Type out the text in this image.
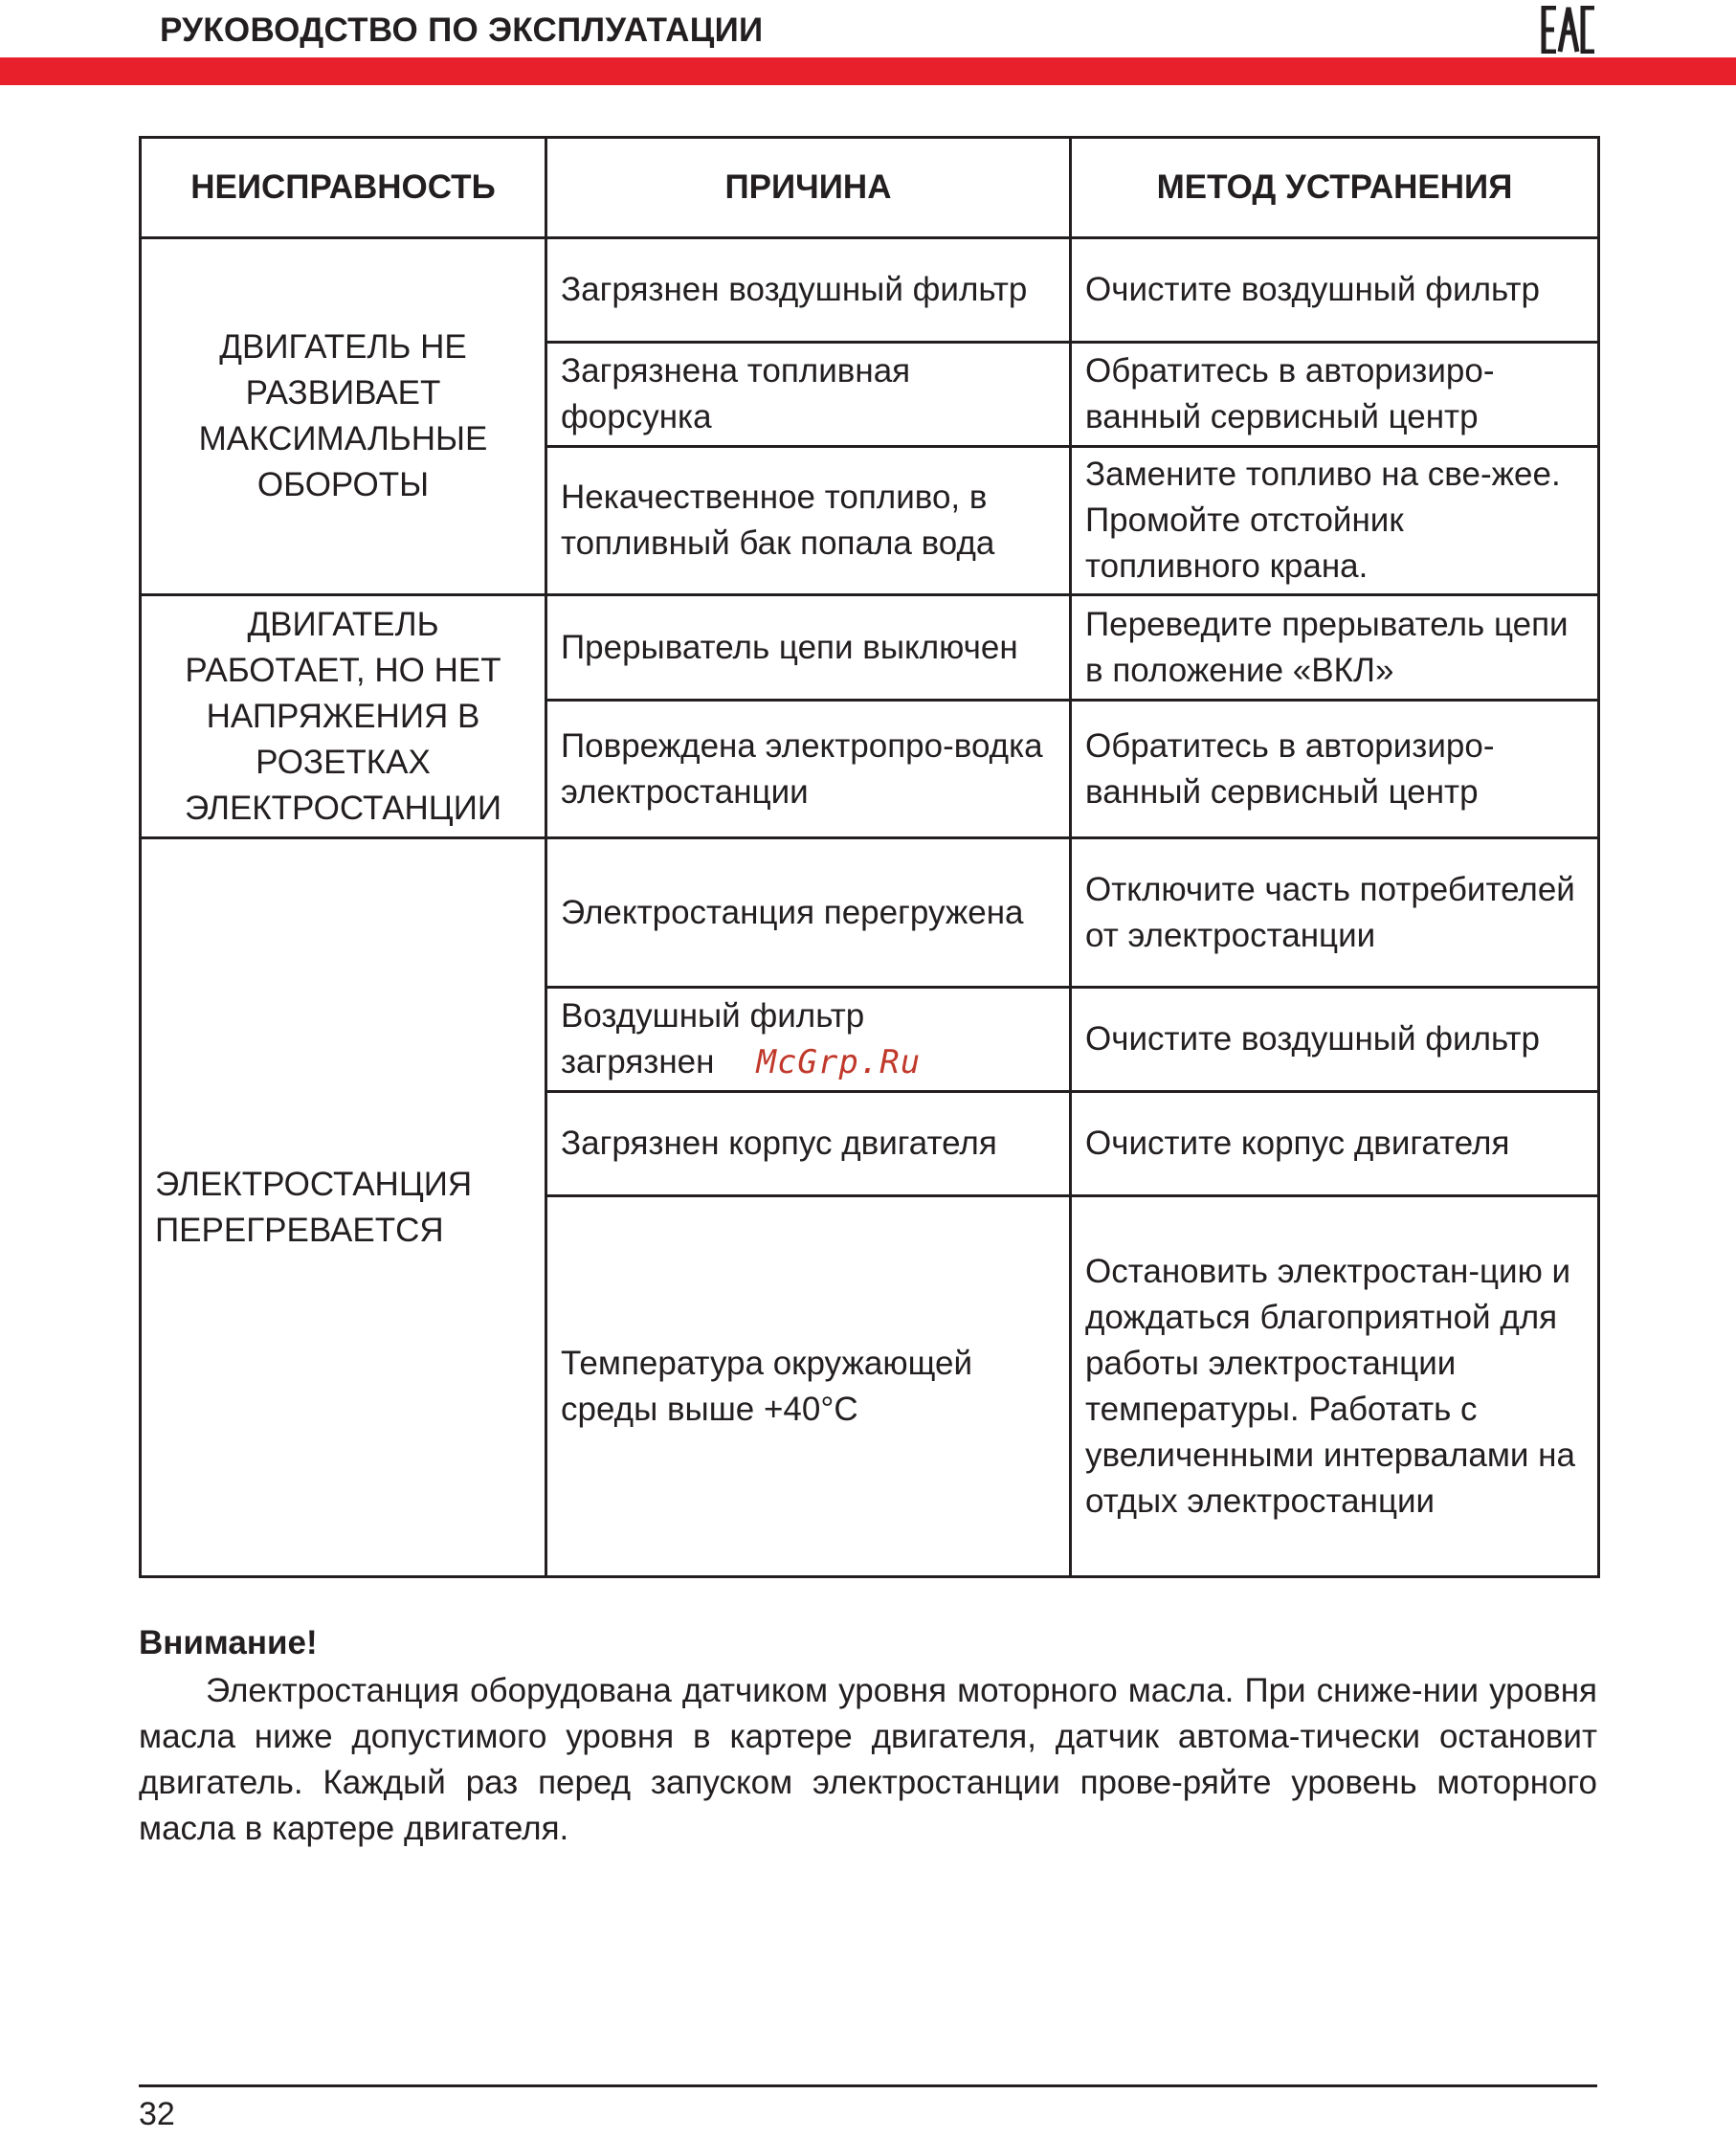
РУКОВОДСТВО ПО ЭКСПЛУАТАЦИИ
НЕИСПРАВНОСТЬ	ПРИЧИНА	МЕТОД УСТРАНЕНИЯ
ДВИГАТЕЛЬ НЕ РАЗВИВАЕТ МАКСИМАЛЬНЫЕ ОБОРОТЫ	Загрязнен воздушный фильтр	Очистите воздушный фильтр
	Загрязнена топливная форсунка	Обратитесь в авторизиро-ванный сервисный центр
	Некачественное топливо, в топливный бак попала вода	Замените топливо на све-жее. Промойте отстойник топливного крана.
ДВИГАТЕЛЬ РАБОТАЕТ, НО НЕТ НАПРЯЖЕНИЯ В РОЗЕТКАХ ЭЛЕКТРОСТАНЦИИ	Прерыватель цепи выключен	Переведите прерыватель цепи в положение «ВКЛ»
	Повреждена электропро-водка электростанции	Обратитесь в авторизиро-ванный сервисный центр
ЭЛЕКТРОСТАНЦИЯ ПЕРЕГРЕВАЕТСЯ	Электростанция перегружена	Отключите часть потребителей от электростанции
	Воздушный фильтр загрязнен McGrp.Ru	Очистите воздушный фильтр
	Загрязнен корпус двигателя	Очистите корпус двигателя
	Температура окружающей среды выше +40°С	Остановить электростан-цию и дождаться благоприятной для работы электростанции температуры. Работать с увеличенными интервалами на отдых электростанции
Внимание!
Электростанция оборудована датчиком уровня моторного масла. При сниже-нии уровня масла ниже допустимого уровня в картере двигателя, датчик автома-тически остановит двигатель. Каждый раз перед запуском электростанции прове-ряйте уровень моторного масла в картере двигателя.
32
